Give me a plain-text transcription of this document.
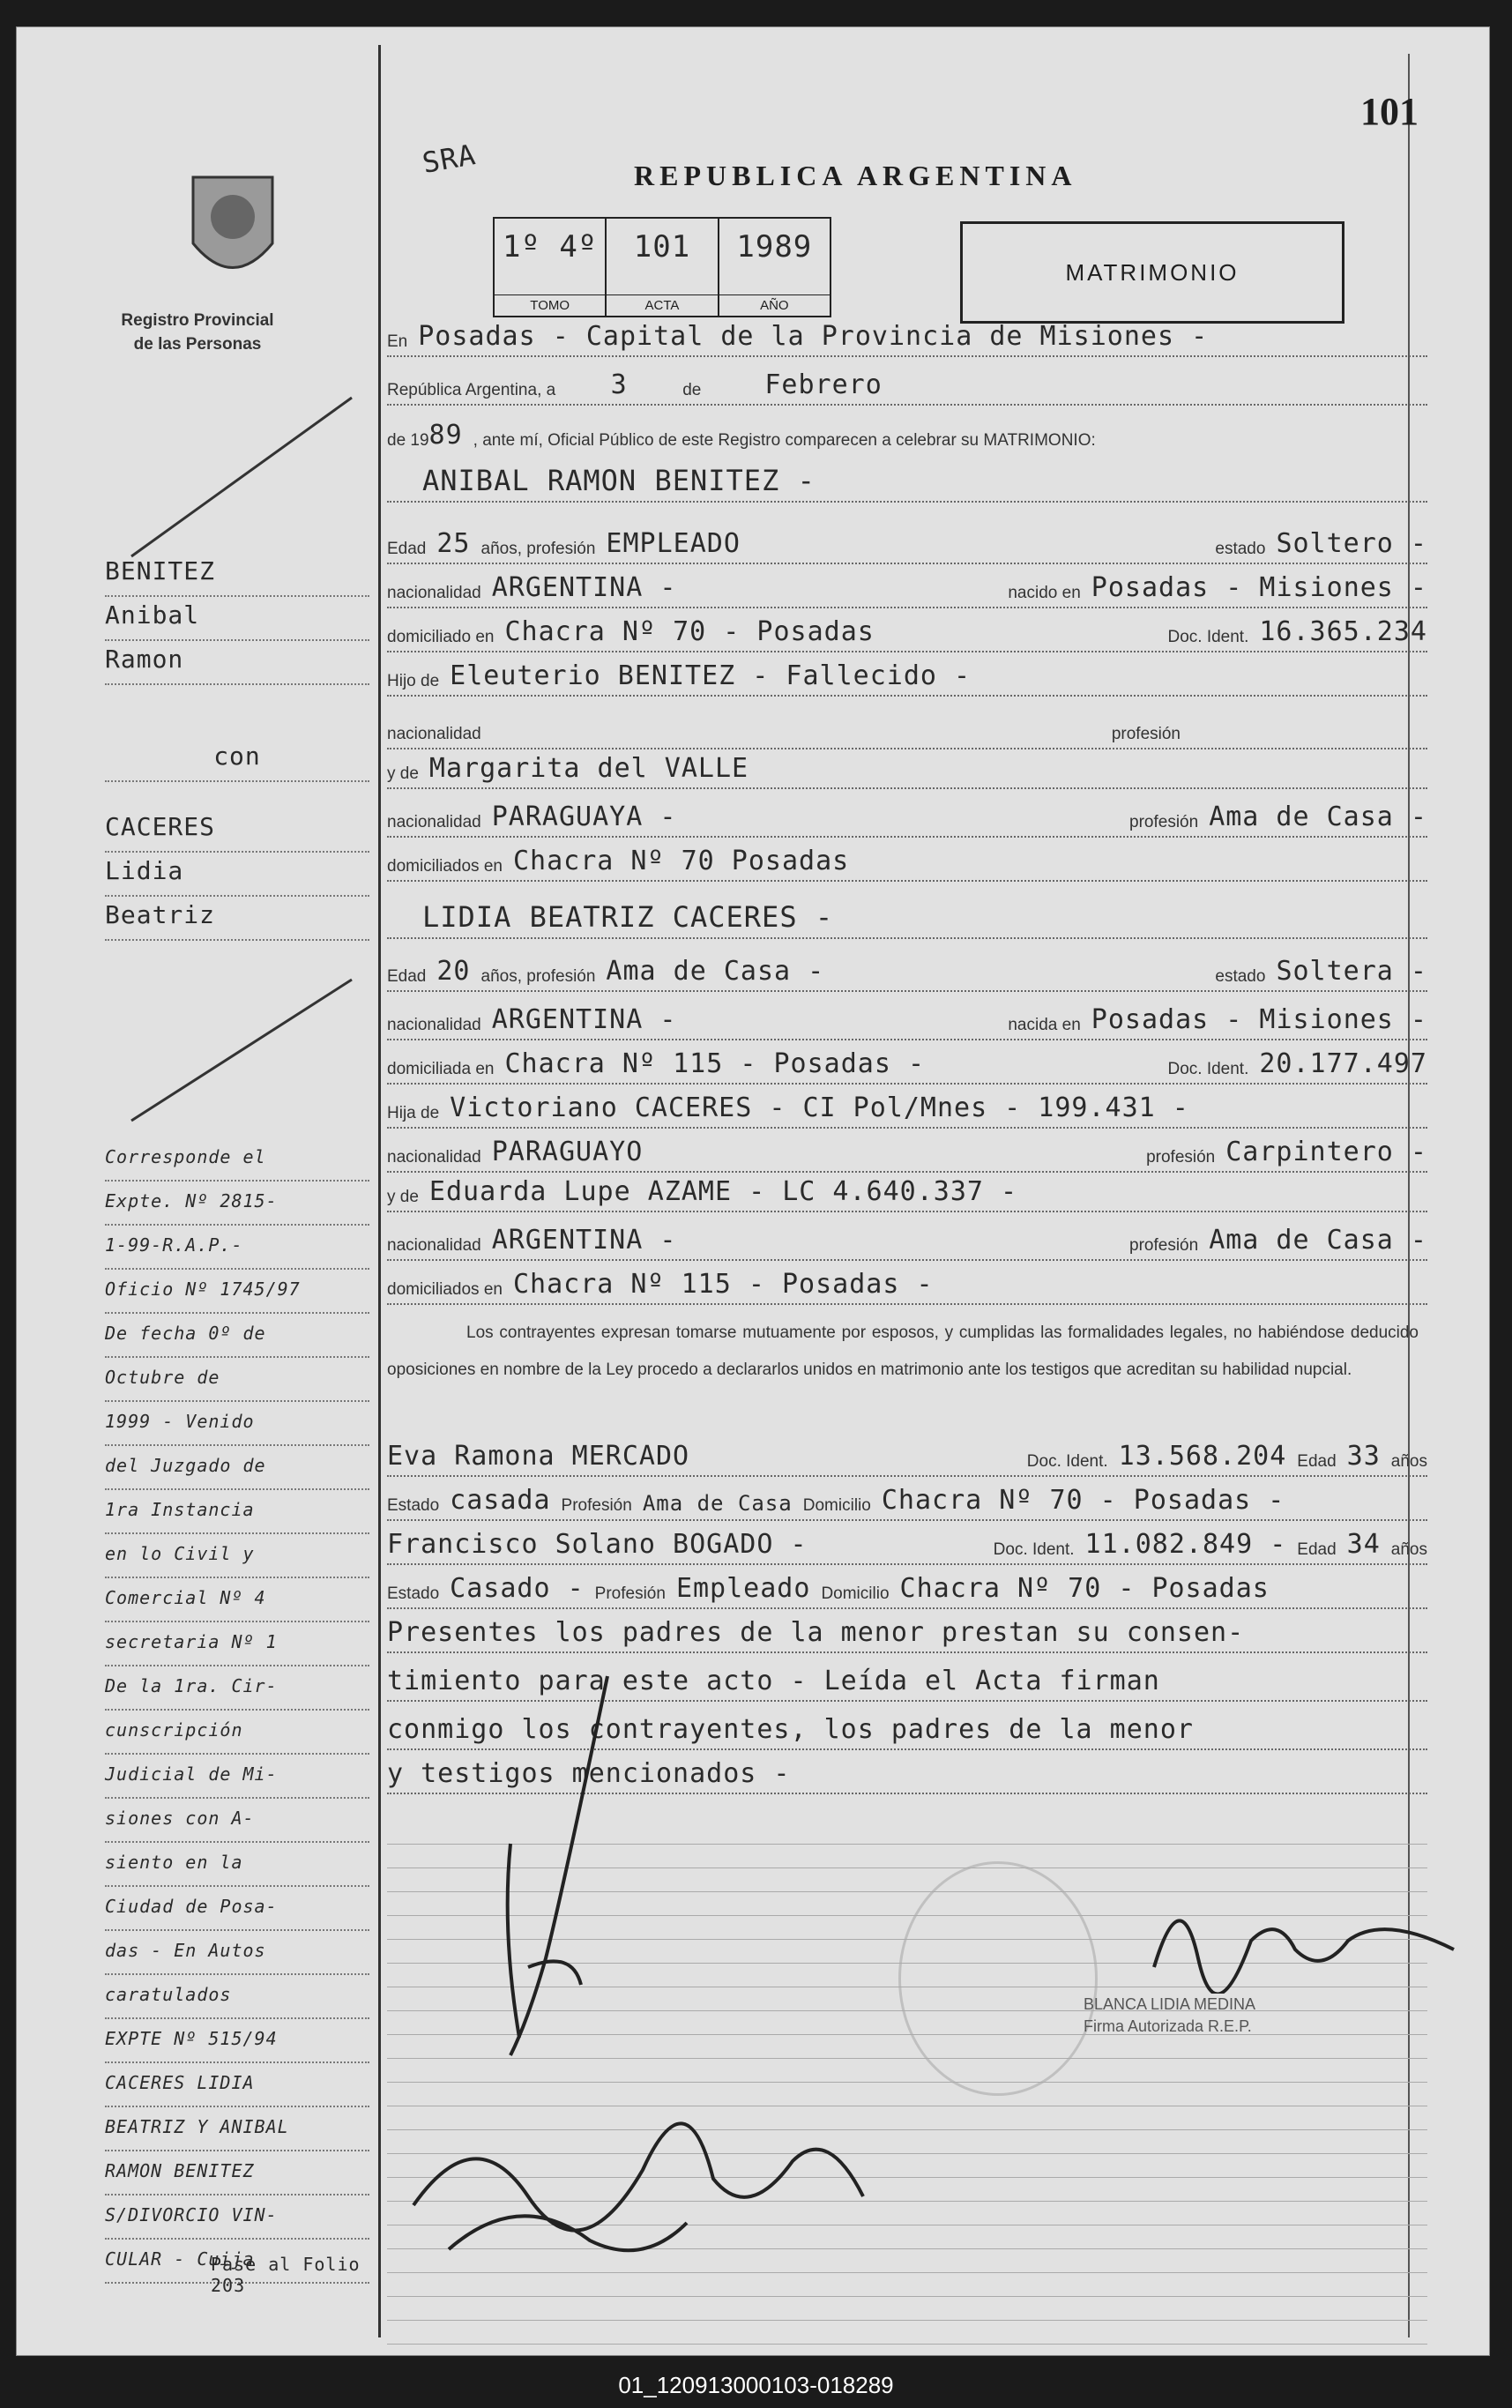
Registro Provincial
de las Personas
BENITEZ
Anibal
Ramon
con
CACERES
Lidia
Beatriz
Corresponde el
Expte. Nº 2815-
1-99-R.A.P.-
Oficio Nº 1745/97
De fecha 0º de
Octubre de
1999 - Venido
del Juzgado de
1ra Instancia
en lo Civil y
Comercial Nº 4
secretaria Nº 1
De la 1ra. Cir-
cunscripción
Judicial de Mi-
siones con A-
siento en la
Ciudad de Posa-
das - En Autos
caratulados
EXPTE Nº 515/94
CACERES LIDIA
BEATRIZ Y ANIBAL
RAMON BENITEZ
S/DIVORCIO VIN-
CULAR - Cuija
Pase al Folio 203
101
SRA	REPUBLICA ARGENTINA
1º 4º
TOMO
101
ACTA
1989
AÑO
MATRIMONIO
En Posadas - Capital de la Provincia de Misiones -
República Argentina, a	3	de Febrero
de 19 89 , ante mí, Oficial Público de este Registro comparecen a celebrar su MATRIMONIO:
ANIBAL RAMON BENITEZ -
Edad 25 años, profesión EMPLEADO	estado Soltero -
nacionalidad ARGENTINA -	nacido en Posadas - Misiones -
domiciliado en Chacra Nº 70 - Posadas	Doc. Ident. 16.365.234
Hijo de Eleuterio BENITEZ - Fallecido -
nacionalidad	profesión
y de Margarita del VALLE
nacionalidad PARAGUAYA -	profesión Ama de Casa -
domiciliados en Chacra Nº 70 Posadas
LIDIA BEATRIZ CACERES -
Edad 20 años, profesión Ama de Casa -	estado Soltera -
nacionalidad ARGENTINA -	nacida en Posadas - Misiones -
domiciliada en Chacra Nº 115 - Posadas -	Doc. Ident. 20.177.497
Hija de Victoriano CACERES - CI Pol/Mnes - 199.431 -
nacionalidad PARAGUAYO	profesión Carpintero -
y de Eduarda Lupe AZAME - LC 4.640.337 -
nacionalidad ARGENTINA -	profesión Ama de Casa -
domiciliados en Chacra Nº 115 - Posadas -
Los contrayentes expresan tomarse mutuamente por esposos, y cumplidas las formalidades legales, no habiéndose deducido oposiciones en nombre de la Ley procedo a declararlos unidos en matrimonio ante los testigos que acreditan su habilidad nupcial.
Eva Ramona MERCADO	Doc. Ident. 13.568.204 Edad 33 años
Estado casada Profesión Ama de Casa Domicilio Chacra Nº 70 - Posadas -
Francisco Solano BOGADO -	Doc. Ident. 11.082.849 - Edad 34 años
Estado Casado - Profesión Empleado Domicilio Chacra Nº 70 - Posadas
Presentes los padres de la menor prestan su consen-
timiento para este acto - Leída el Acta firman
conmigo los contrayentes, los padres de la menor
y testigos mencionados -
BLANCA LIDIA MEDINA
Firma Autorizada R.E.P.
01_120913000103-018289
